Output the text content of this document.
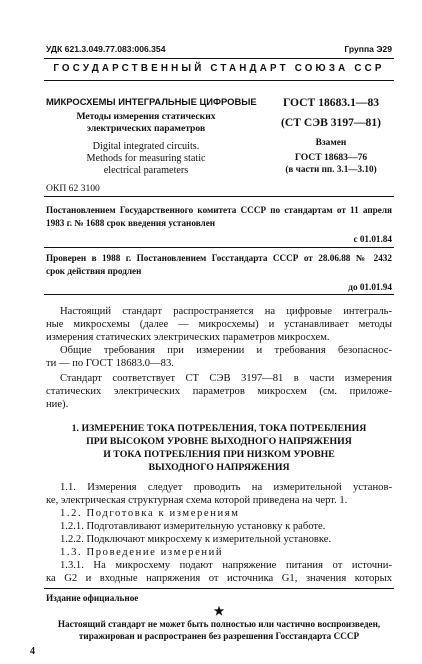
УДК 621.3.049.77.083:006.354	Группа Э29
ГОСУДАРСТВЕННЫЙ СТАНДАРТ СОЮЗА ССР
МИКРОСХЕМЫ ИНТЕГРАЛЬНЫЕ ЦИФРОВЫЕ
Методы измерения статических
электрических параметров
Digital integrated circuits.
Methods for measuring static
electrical parameters
ГОСТ 18683.1—83
(СТ СЭВ 3197—81)
Взамен
ГОСТ 18683—76
(в части пп. 3.1—3.10)
ОКП 62 3100
Постановлением Государственного комитета СССР по стандартам от 11 апреля
1983 г. № 1688 срок введения установлен
с 01.01.84
Проверен в 1988 г. Постановлением Госстандарта СССР от 28.06.88 № 2432
срок действия продлен
до 01.01.94
Настоящий стандарт распространяется на цифровые интеграль-
ные микросхемы (далее — микросхемы) и устанавливает методы
измерения статических электрических параметров микросхем.
Общие требования при измерении и требования безопаснос-
ти — по ГОСТ 18683.0—83.
Стандарт соответствует СТ СЭВ 3197—81 в части измерения
статических электрических параметров микросхем (см. приложе-
ние).
1. ИЗМЕРЕНИЕ ТОКА ПОТРЕБЛЕНИЯ, ТОКА ПОТРЕБЛЕНИЯ
ПРИ ВЫСОКОМ УРОВНЕ ВЫХОДНОГО НАПРЯЖЕНИЯ
И ТОКА ПОТРЕБЛЕНИЯ ПРИ НИЗКОМ УРОВНЕ
ВЫХОДНОГО НАПРЯЖЕНИЯ
1.1. Измерения следует проводить на измерительной установ-
ке, электрическая структурная схема которой приведена на черт. 1.
1.2. Подготовка к измерениям
1.2.1. Подготавливают измерительную установку к работе.
1.2.2. Подключают микросхему к измерительной установке.
1.3. Проведение измерений
1.3.1. На микросхему подают напряжение питания от источни-
ка G2 и входные напряжения от источника G1, значения которых
Издание официальное
★
Настоящий стандарт не может быть полностью или частично воспроизведен,
тиражирован и распространен без разрешения Госстандарта СССР
4
